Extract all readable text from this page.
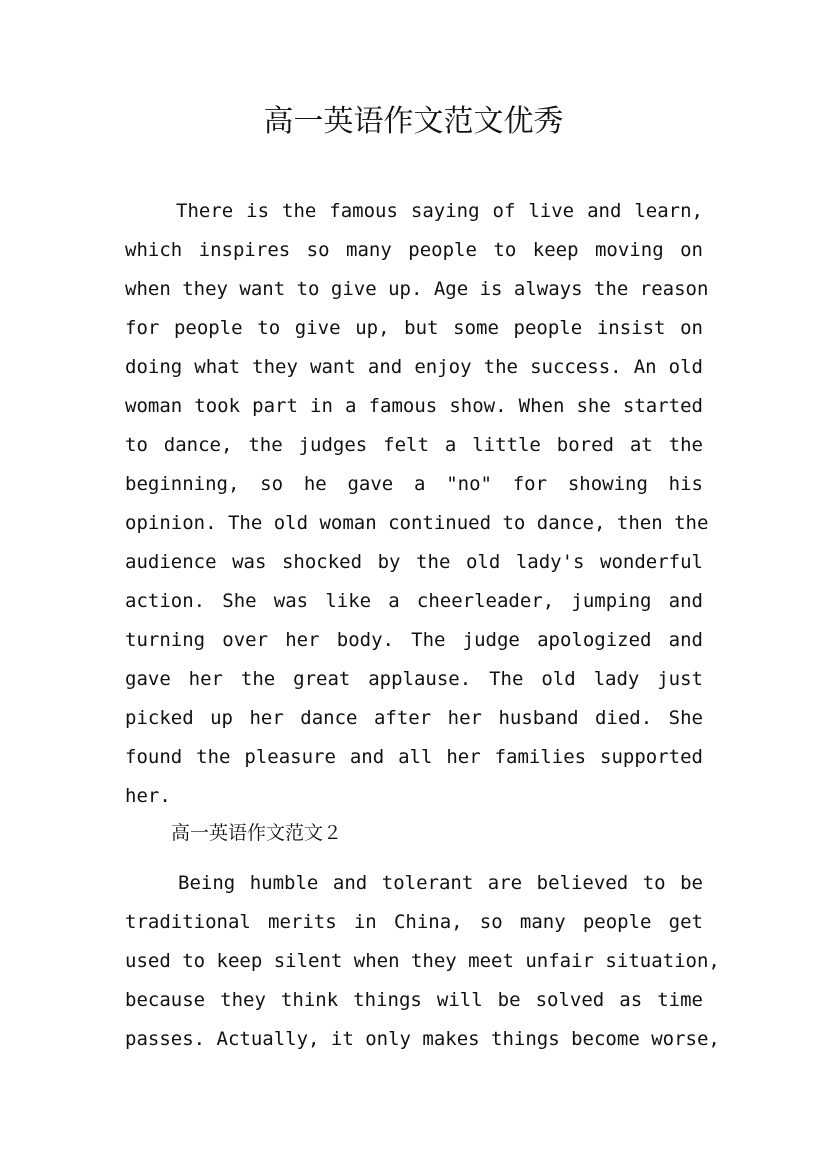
高一英语作文范文优秀
There is the famous saying of live and learn,
which inspires so many people to keep moving on
when they want to give up. Age is always the reason
for people to give up, but some people insist on
doing what they want and enjoy the success. An old
woman took part in a famous show. When she started
to dance, the judges felt a little bored at the
beginning, so he gave a "no" for showing his
opinion. The old woman continued to dance, then the
audience was shocked by the old lady's wonderful
action. She was like a cheerleader, jumping and
turning over her body. The judge apologized and
gave her the great applause. The old lady just
picked up her dance after her husband died. She
found the pleasure and all her families supported
her.
高一英语作文范文２
Being humble and tolerant are believed to be
traditional merits in China, so many people get
used to keep silent when they meet unfair situation,
because they think things will be solved as time
passes. Actually, it only makes things become worse,
